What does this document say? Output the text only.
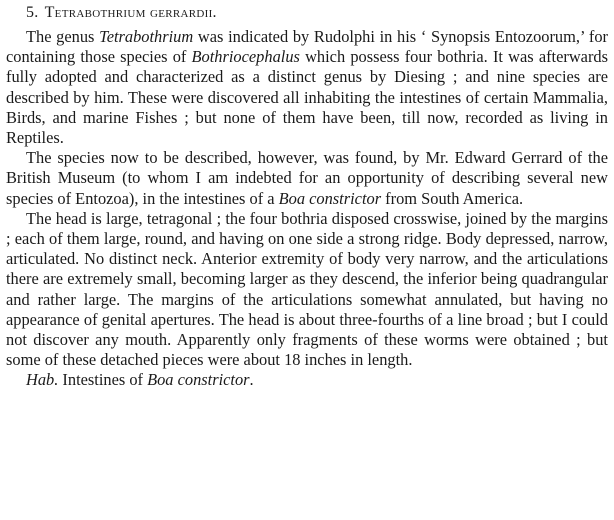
5. Tetrabothrium gerrardii.

The genus Tetrabothrium was indicated by Rudolphi in his ‘ Synopsis Entozoorum,’ for containing those species of Bothriocephalus which possess four bothria. It was afterwards fully adopted and characterized as a distinct genus by Diesing ; and nine species are described by him. These were discovered all inhabiting the intestines of certain Mammalia, Birds, and marine Fishes ; but none of them have been, till now, recorded as living in Reptiles.

The species now to be described, however, was found, by Mr. Edward Gerrard of the British Museum (to whom I am indebted for an opportunity of describing several new species of Entozoa), in the intestines of a Boa constrictor from South America.

The head is large, tetragonal ; the four bothria disposed crosswise, joined by the margins ; each of them large, round, and having on one side a strong ridge. Body depressed, narrow, articulated. No distinct neck. Anterior extremity of body very narrow, and the articulations there are extremely small, becoming larger as they descend, the inferior being quadrangular and rather large. The margins of the articulations somewhat annulated, but having no appearance of genital apertures. The head is about three-fourths of a line broad ; but I could not discover any mouth. Apparently only fragments of these worms were obtained ; but some of these detached pieces were about 18 inches in length.

Hab. Intestines of Boa constrictor.
